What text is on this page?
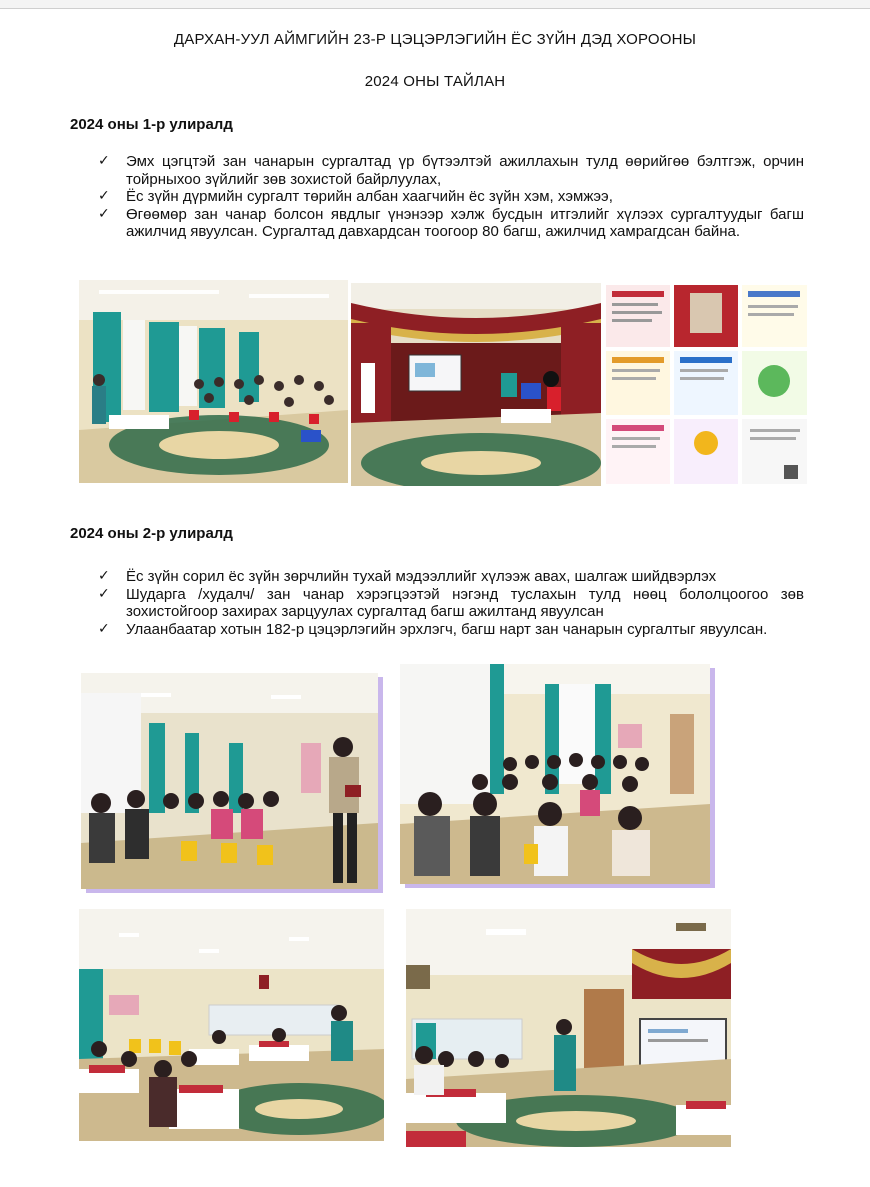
ДАРХАН-УУЛ АЙМГИЙН 23-Р ЦЭЦЭРЛЭГИЙН ЁС ЗҮЙН ДЭД ХОРООНЫ
2024 ОНЫ ТАЙЛАН
2024 оны 1-р улиралд
✓ Эмх цэгцтэй зан чанарын сургалтад үр бүтээлтэй ажиллахын тулд өөрийгөө бэлтгэж, орчин тойрныхоо зүйлийг зөв зохистой байрлуулах,
✓ Ёс зүйн дүрмийн сургалт төрийн албан хаагчийн ёс зүйн хэм, хэмжээ,
✓ Өгөөмөр зан чанар болсон явдлыг үнэнээр хэлж бусдын итгэлийг хүлээх сургалтуудыг багш ажилчид явуулсан. Сургалтад давхардсан тоогоор 80 багш, ажилчид хамрагдсан байна.
2024 оны 2-р улиралд
✓ Ёс зүйн сорил ёс зүйн зөрчлийн тухай мэдээллийг хүлээж авах, шалгаж шийдвэрлэх
✓ Шударга /худалч/ зан чанар хэрэгцээтэй нэгэнд туслахын тулд нөөц бололцоогоо зөв зохистойгоор захирах зарцуулах сургалтад багш ажилтанд явуулсан
✓ Улаанбаатар хотын 182-р цэцэрлэгийн эрхлэгч, багш нарт зан чанарын сургалтыг явуулсан.
